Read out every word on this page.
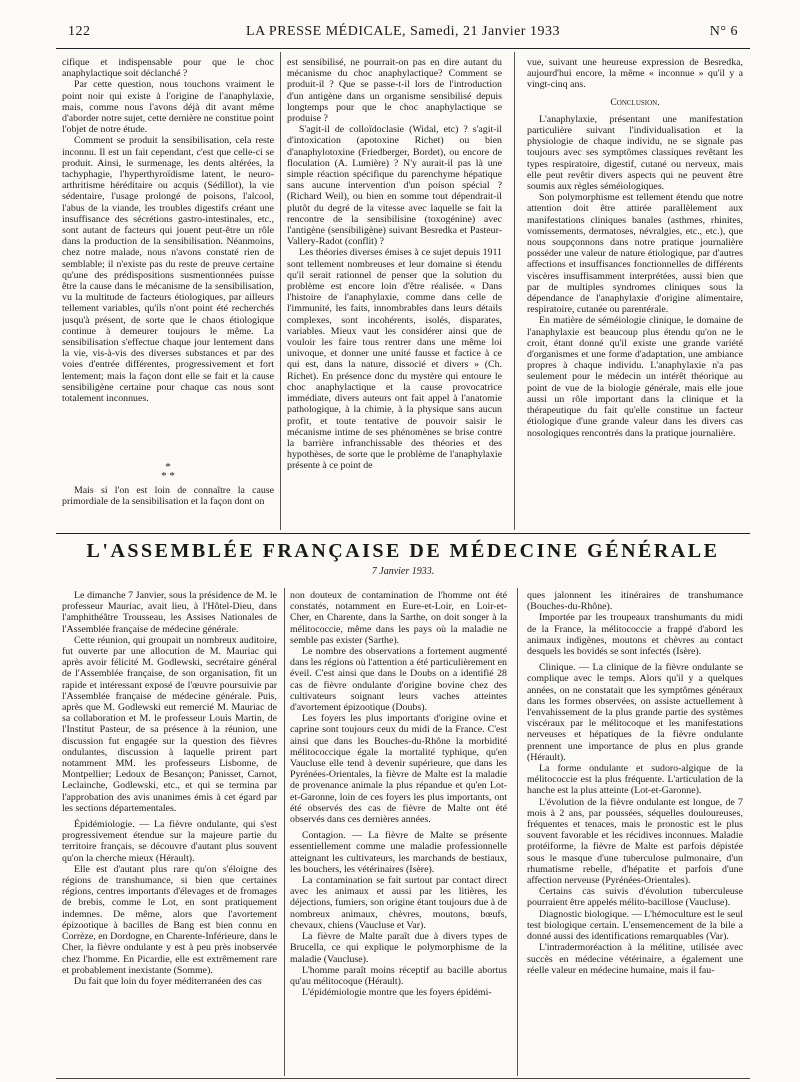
122	LA PRESSE MÉDICALE, Samedi, 21 Janvier 1933	N° 6

cifique et indispensable pour que le choc anaphylactique soit déclanché ?

Par cette question, nous touchons vraiment le point noir qui existe à l'origine de l'anaphylaxie, mais, comme nous l'avons déjà dit avant même d'aborder notre sujet, cette dernière ne constitue point l'objet de notre étude.

Comment se produit la sensibilisation, cela reste inconnu. Il est un fait cependant, c'est que celle-ci se produit. Ainsi, le surmenage, les dents altérées, la tachyphagie, l'hyperthyroïdisme latent, le neuro-arthritisme héréditaire ou acquis (Sédillot), la vie sédentaire, l'usage prolongé de poisons, l'alcool, l'abus de la viande, les troubles digestifs créant une insuffisance des sécrétions gastro-intestinales, etc., sont autant de facteurs qui jouent peut-être un rôle dans la production de la sensibilisation. Néanmoins, chez notre malade, nous n'avons constaté rien de semblable; il n'existe pas du reste de preuve certaine qu'une des prédispositions susmentionnées puisse être la cause dans le mécanisme de la sensibilisation, vu la multitude de facteurs étiologiques, par ailleurs tellement variables, qu'ils n'ont point été recherchés jusqu'à présent, de sorte que le chaos étiologique continue à demeurer toujours le même. La sensibilisation s'effectue chaque jour lentement dans la vie, vis-à-vis des diverses substances et par des voies d'entrée différentes, progressivement et fort lentement; mais la façon dont elle se fait et la cause sensibiligène certaine pour chaque cas nous sont totalement inconnues.

*
* *

Mais si l'on est loin de connaître la cause primordiale de la sensibilisation et la façon dont on

est sensibilisé, ne pourrait-on pas en dire autant du mécanisme du choc anaphylactique? Comment se produit-il ? Que se passe-t-il lors de l'introduction d'un antigène dans un organisme sensibilisé depuis longtemps pour que le choc anaphylactique se produise ?

S'agit-il de colloïdoclasie (Widal, etc) ? s'agit-il d'intoxication (apotoxine Richet) ou bien d'anaphylotoxine (Friedberger, Bordet), ou encore de floculation (A. Lumière) ? N'y aurait-il pas là une simple réaction spécifique du parenchyme hépatique sans aucune intervention d'un poison spécial ? (Richard Weil), ou bien en somme tout dépendrait-il plutôt du degré de la vitesse avec laquelle se fait la rencontre de la sensibilisine (toxogénine) avec l'antigène (sensibiligène) suivant Besredka et Pasteur-Vallery-Radot (conflit) ?

Les théories diverses émises à ce sujet depuis 1911 sont tellement nombreuses et leur domaine si étendu qu'il serait rationnel de penser que la solution du problème est encore loin d'être réalisée. « Dans l'histoire de l'anaphylaxie, comme dans celle de l'immunité, les faits, innombrables dans leurs détails complexes, sont incohérents, isolés, disparates, variables. Mieux vaut les considérer ainsi que de vouloir les faire tous rentrer dans une même loi univoque, et donner une unité fausse et factice à ce qui est, dans la nature, dissocié et divers » (Ch. Richet). En présence donc du mystère qui entoure le choc anaphylactique et la cause provocatrice immédiate, divers auteurs ont fait appel à l'anatomie pathologique, à la chimie, à la physique sans aucun profit, et toute tentative de pouvoir saisir le mécanisme intime de ses phénomènes se brise contre la barrière infranchissable des théories et des hypothèses, de sorte que le problème de l'anaphylaxie présente à ce point de

vue, suivant une heureuse expression de Besredka, aujourd'hui encore, la même « inconnue » qu'il y a vingt-cinq ans.

Conclusion.

L'anaphylaxie, présentant une manifestation particulière suivant l'individualisation et la physiologie de chaque individu, ne se signale pas toujours avec ses symptômes classiques revêtant les types respiratoire, digestif, cutané ou nerveux, mais elle peut revêtir divers aspects qui ne peuvent être soumis aux règles séméiologiques.

Son polymorphisme est tellement étendu que notre attention doit être attirée parallèlement aux manifestations cliniques banales (asthmes, rhinites, vomissements, dermatoses, névralgies, etc., etc.), que nous soupçonnons dans notre pratique journalière posséder une valeur de nature étiologique, par d'autres affections et insuffisances fonctionnelles de différents viscères insuffisamment interprétées, aussi bien que par de multiples syndromes cliniques sous la dépendance de l'anaphylaxie d'origine alimentaire, respiratoire, cutanée ou parentérale.

En matière de séméiologie clinique, le domaine de l'anaphylaxie est beaucoup plus étendu qu'on ne le croit, étant donné qu'il existe une grande variété d'organismes et une forme d'adaptation, une ambiance propres à chaque individu. L'anaphylaxie n'a pas seulement pour le médecin un intérêt théorique au point de vue de la biologie générale, mais elle joue aussi un rôle important dans la clinique et la thérapeutique du fait qu'elle constitue un facteur étiologique d'une grande valeur dans les divers cas nosologiques rencontrés dans la pratique journalière.

L'ASSEMBLÉE FRANÇAISE DE MÉDECINE GÉNÉRALE
7 Janvier 1933.

Le dimanche 7 Janvier, sous la présidence de M. le professeur Mauriac, avait lieu, à l'Hôtel-Dieu, dans l'amphithéâtre Trousseau, les Assises Nationales de l'Assemblée française de médecine générale.

Cette réunion, qui groupait un nombreux auditoire, fut ouverte par une allocution de M. Mauriac qui après avoir félicité M. Godlewski, secrétaire général de l'Assemblée française, de son organisation, fit un rapide et intéressant exposé de l'œuvre poursuivie par l'Assemblée française de médecine générale. Puis, après que M. Godlewski eut remercié M. Mauriac de sa collaboration et M. le professeur Louis Martin, de l'Institut Pasteur, de sa présence à la réunion, une discussion fut engagée sur la question des fièvres ondulantes, discussion à laquelle prirent part notamment MM. les professeurs Lisbonne, de Montpellier; Ledoux de Besançon; Panisset, Carnot, Leclainche, Godlewski, etc., et qui se termina par l'approbation des avis unanimes émis à cet égard par les sections départementales.

Épidémiologie. — La fièvre ondulante, qui s'est progressivement étendue sur la majeure partie du territoire français, se découvre d'autant plus souvent qu'on la cherche mieux (Hérault).

Elle est d'autant plus rare qu'on s'éloigne des régions de transhumance, si bien que certaines régions, centres importants d'élevages et de fromages de brebis, comme le Lot, en sont pratiquement indemnes. De même, alors que l'avortement épizootique à bacilles de Bang est bien connu en Corrèze, en Dordogne, en Charente-Inférieure, dans le Cher, la fièvre ondulante y est à peu près inobservée chez l'homme. En Picardie, elle est extrêmement rare et probablement inexistante (Somme).

Du fait que loin du foyer méditerranéen des cas

non douteux de contamination de l'homme ont été constatés, notamment en Eure-et-Loir, en Loir-et-Cher, en Charente, dans la Sarthe, on doit songer à la mélitococcie, même dans les pays où la maladie ne semble pas exister (Sarthe).

Le nombre des observations a fortement augmenté dans les régions où l'attention a été particulièrement en éveil. C'est ainsi que dans le Doubs on a identifié 28 cas de fièvre ondulante d'origine bovine chez des cultivateurs soignant leurs vaches atteintes d'avortement épizootique (Doubs).

Les foyers les plus importants d'origine ovine et caprine sont toujours ceux du midi de la France. C'est ainsi que dans les Bouches-du-Rhône la morbidité mélitococcique égale la mortalité typhique, qu'en Vaucluse elle tend à devenir supérieure, que dans les Pyrénées-Orientales, la fièvre de Malte est la maladie de provenance animale la plus répandue et qu'en Lot-et-Garonne, loin de ces foyers les plus importants, ont été observés des cas de fièvre de Malte ont été observés dans ces dernières années.

Contagion. — La fièvre de Malte se présente essentiellement comme une maladie professionnelle atteignant les cultivateurs, les marchands de bestiaux, les bouchers, les vétérinaires (Isère).

La contamination se fait surtout par contact direct avec les animaux et aussi par les litières, les déjections, fumiers, son origine étant toujours due à de nombreux animaux, chèvres, moutons, bœufs, chevaux, chiens (Vaucluse et Var).

La fièvre de Malte paraît due à divers types de Brucella, ce qui explique le polymorphisme de la maladie (Vaucluse).

L'homme paraît moins réceptif au bacille abortus qu'au mélitocoque (Hérault).

L'épidémiologie montre que les foyers épidémi-

ques jalonnent les itinéraires de transhumance (Bouches-du-Rhône).

Importée par les troupeaux transhumants du midi de la France, la mélitococcie a frappé d'abord les animaux indigènes, moutons et chèvres au contact desquels les bovidés se sont infectés (Isère).

Clinique. — La clinique de la fièvre ondulante se complique avec le temps. Alors qu'il y a quelques années, on ne constatait que les symptômes généraux dans les formes observées, on assiste actuellement à l'envahissement de la plus grande partie des systèmes viscéraux par le mélitocoque et les manifestations nerveuses et hépatiques de la fièvre ondulante prennent une importance de plus en plus grande (Hérault).

La forme ondulante et sudoro-algique de la mélitococcie est la plus fréquente. L'articulation de la hanche est la plus atteinte (Lot-et-Garonne).

L'évolution de la fièvre ondulante est longue, de 7 mois à 2 ans, par poussées, séquelles douloureuses, fréquentes et tenaces, mais le pronostic est le plus souvent favorable et les récidives inconnues. Maladie protéiforme, la fièvre de Malte est parfois dépistée sous le masque d'une tuberculose pulmonaire, d'un rhumatisme rebelle, d'hépatite et parfois d'une affection nerveuse (Pyrénées-Orientales).

Certains cas suivis d'évolution tuberculeuse pourraient être appelés mélito-bacillose (Vaucluse).

Diagnostic biologique. — L'hémoculture est le seul test biologique certain. L'ensemencement de la bile a donné aussi des identifications remarquables (Var).

L'intradermoréaction à la mélitine, utilisée avec succès en médecine vétérinaire, a également une réelle valeur en médecine humaine, mais il fau-
